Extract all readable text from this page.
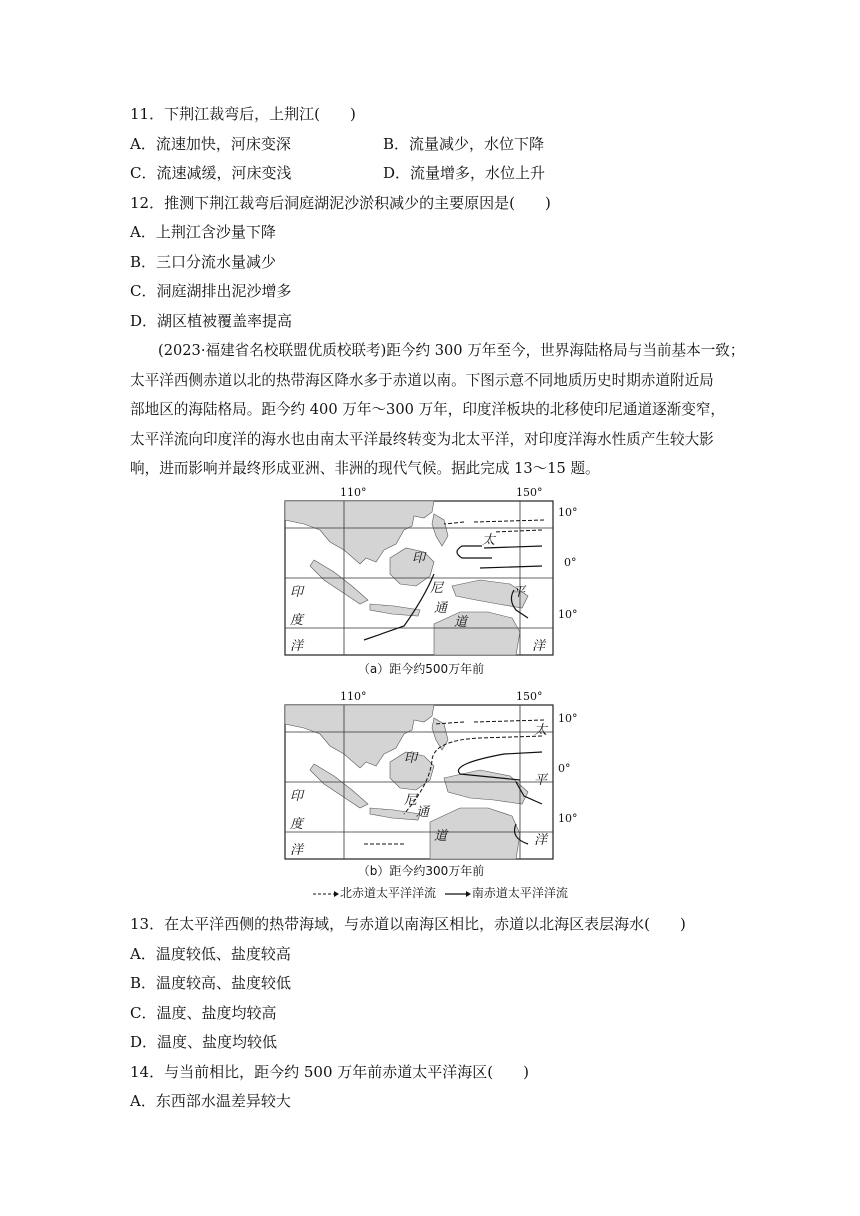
11．下荆江裁弯后，上荆江(　　)
A．流速加快，河床变深	B．流量减少，水位下降
C．流速减缓，河床变浅	D．流量增多，水位上升
12．推测下荆江裁弯后洞庭湖泥沙淤积减少的主要原因是(　　)
A．上荆江含沙量下降
B．三口分流水量减少
C．洞庭湖排出泥沙增多
D．湖区植被覆盖率提高
(2023·福建省名校联盟优质校联考)距今约 300 万年至今，世界海陆格局与当前基本一致；
太平洋西侧赤道以北的热带海区降水多于赤道以南。下图示意不同地质历史时期赤道附近局
部地区的海陆格局。距今约 400 万年～300 万年，印度洋板块的北移使印尼通道逐渐变窄，
太平洋流向印度洋的海水也由南太平洋最终转变为北太平洋，对印度洋海水性质产生较大影
响，进而影响并最终形成亚洲、非洲的现代气候。据此完成 13～15 题。
110°	150°
10°
0°
10°
印
度
洋
印
尼
通
道
太
平
洋
（a）距今约500万年前
110°	150°
10°
0°
10°
印
度
洋
印
尼
通
道
太
平
洋
（b）距今约300万年前
北赤道太平洋洋流	南赤道太平洋洋流
13．在太平洋西侧的热带海域，与赤道以南海区相比，赤道以北海区表层海水(　　)
A．温度较低、盐度较高
B．温度较高、盐度较低
C．温度、盐度均较高
D．温度、盐度均较低
14．与当前相比，距今约 500 万年前赤道太平洋海区(　　)
A．东西部水温差异较大
